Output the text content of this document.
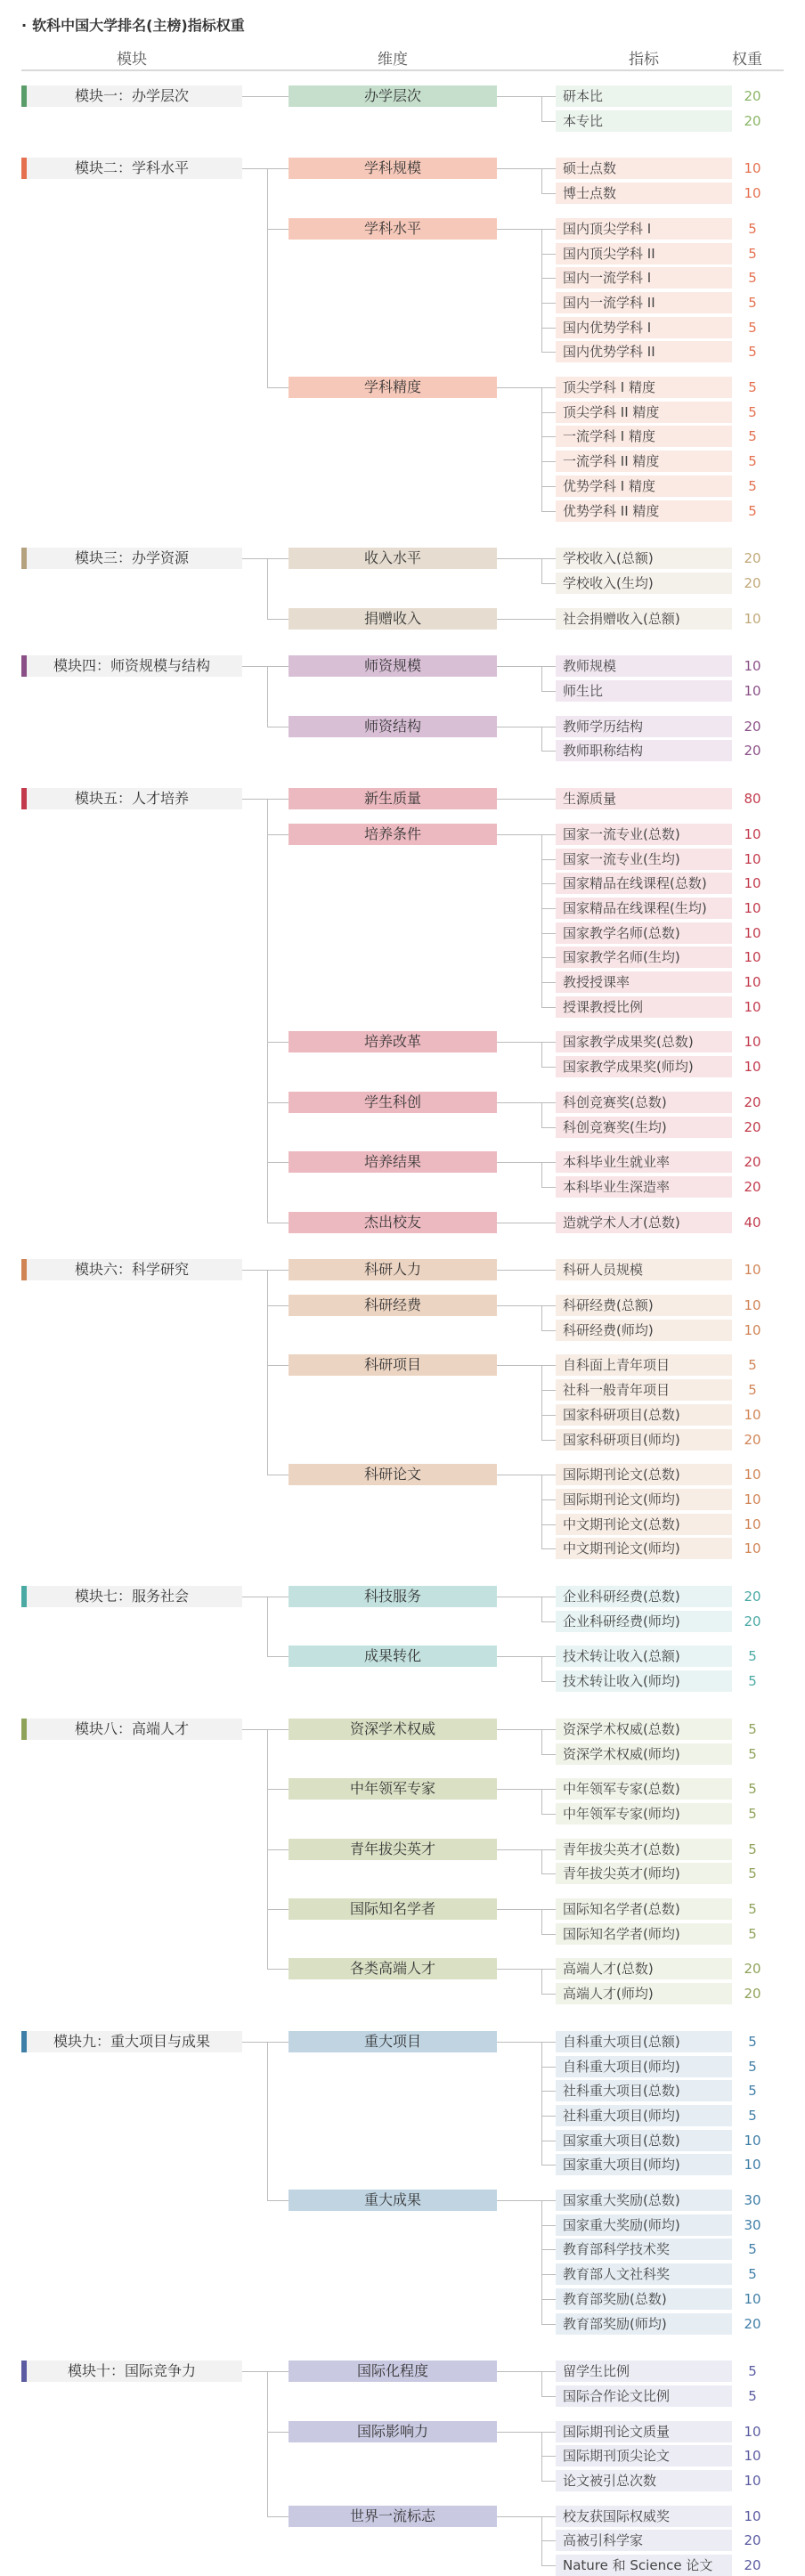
· 软科中国大学排名(主榜)指标权重
模块	维度	指标	权重
模块一：办学层次	办学层次	研本比	20
本专比	20
模块二：学科水平	学科规模	硕士点数	10
博士点数	10
学科水平	国内顶尖学科 I	5
国内顶尖学科 II	5
国内一流学科 I	5
国内一流学科 II	5
国内优势学科 I	5
国内优势学科 II	5
学科精度	顶尖学科 I 精度	5
顶尖学科 II 精度	5
一流学科 I 精度	5
一流学科 II 精度	5
优势学科 I 精度	5
优势学科 II 精度	5
模块三：办学资源	收入水平	学校收入(总额)	20
学校收入(生均)	20
捐赠收入	社会捐赠收入(总额)	10
模块四：师资规模与结构	师资规模	教师规模	10
师生比	10
师资结构	教师学历结构	20
教师职称结构	20
模块五：人才培养	新生质量	生源质量	80
培养条件	国家一流专业(总数)	10
国家一流专业(生均)	10
国家精品在线课程(总数)	10
国家精品在线课程(生均)	10
国家教学名师(总数)	10
国家教学名师(生均)	10
教授授课率	10
授课教授比例	10
培养改革	国家教学成果奖(总数)	10
国家教学成果奖(师均)	10
学生科创	科创竞赛奖(总数)	20
科创竞赛奖(生均)	20
培养结果	本科毕业生就业率	20
本科毕业生深造率	20
杰出校友	造就学术人才(总数)	40
模块六：科学研究	科研人力	科研人员规模	10
科研经费	科研经费(总额)	10
科研经费(师均)	10
科研项目	自科面上青年项目	5
社科一般青年项目	5
国家科研项目(总数)	10
国家科研项目(师均)	20
科研论文	国际期刊论文(总数)	10
国际期刊论文(师均)	10
中文期刊论文(总数)	10
中文期刊论文(师均)	10
模块七：服务社会	科技服务	企业科研经费(总数)	20
企业科研经费(师均)	20
成果转化	技术转让收入(总额)	5
技术转让收入(师均)	5
模块八：高端人才	资深学术权威	资深学术权威(总数)	5
资深学术权威(师均)	5
中年领军专家	中年领军专家(总数)	5
中年领军专家(师均)	5
青年拔尖英才	青年拔尖英才(总数)	5
青年拔尖英才(师均)	5
国际知名学者	国际知名学者(总数)	5
国际知名学者(师均)	5
各类高端人才	高端人才(总数)	20
高端人才(师均)	20
模块九：重大项目与成果	重大项目	自科重大项目(总额)	5
自科重大项目(师均)	5
社科重大项目(总数)	5
社科重大项目(师均)	5
国家重大项目(总数)	10
国家重大项目(师均)	10
重大成果	国家重大奖励(总数)	30
国家重大奖励(师均)	30
教育部科学技术奖	5
教育部人文社科奖	5
教育部奖励(总数)	10
教育部奖励(师均)	20
模块十：国际竞争力	国际化程度	留学生比例	5
国际合作论文比例	5
国际影响力	国际期刊论文质量	10
国际期刊顶尖论文	10
论文被引总次数	10
世界一流标志	校友获国际权威奖	10
高被引科学家	20
Nature 和 Science 论文	20
